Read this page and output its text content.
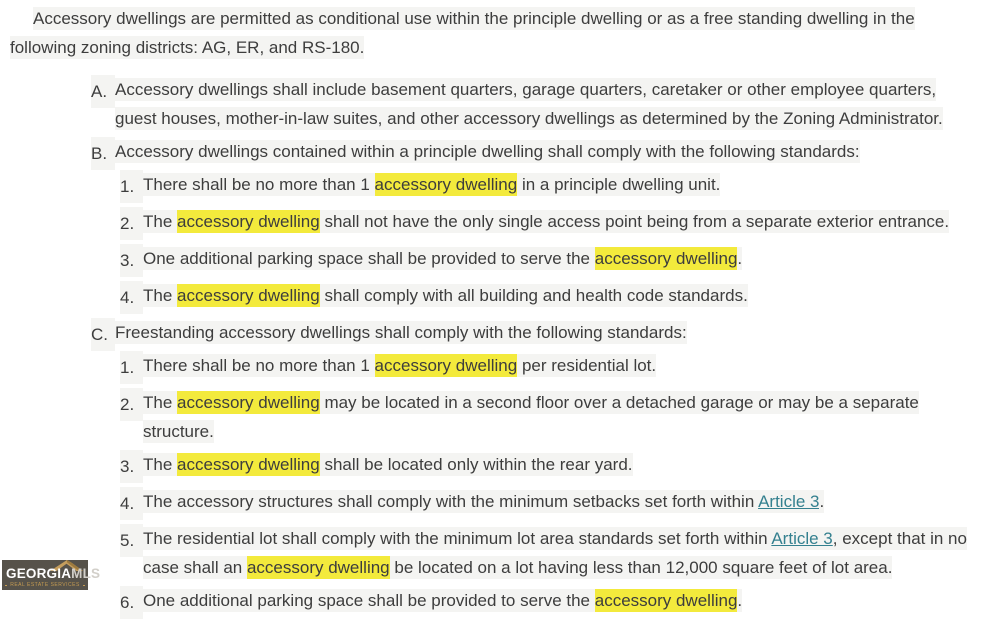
Accessory dwellings are permitted as conditional use within the principle dwelling or as a free standing dwelling in the following zoning districts: AG, ER, and RS-180.

A. Accessory dwellings shall include basement quarters, garage quarters, caretaker or other employee quarters, guest houses, mother-in-law suites, and other accessory dwellings as determined by the Zoning Administrator.
B. Accessory dwellings contained within a principle dwelling shall comply with the following standards:
1. There shall be no more than 1 accessory dwelling in a principle dwelling unit.
2. The accessory dwelling shall not have the only single access point being from a separate exterior entrance.
3. One additional parking space shall be provided to serve the accessory dwelling.
4. The accessory dwelling shall comply with all building and health code standards.
C. Freestanding accessory dwellings shall comply with the following standards:
1. There shall be no more than 1 accessory dwelling per residential lot.
2. The accessory dwelling may be located in a second floor over a detached garage or may be a separate structure.
3. The accessory dwelling shall be located only within the rear yard.
4. The accessory structures shall comply with the minimum setbacks set forth within Article 3.
5. The residential lot shall comply with the minimum lot area standards set forth within Article 3, except that in no case shall an accessory dwelling be located on a lot having less than 12,000 square feet of lot area.
6. One additional parking space shall be provided to serve the accessory dwelling.
GEORGIAMLS
REAL ESTATE SERVICES
